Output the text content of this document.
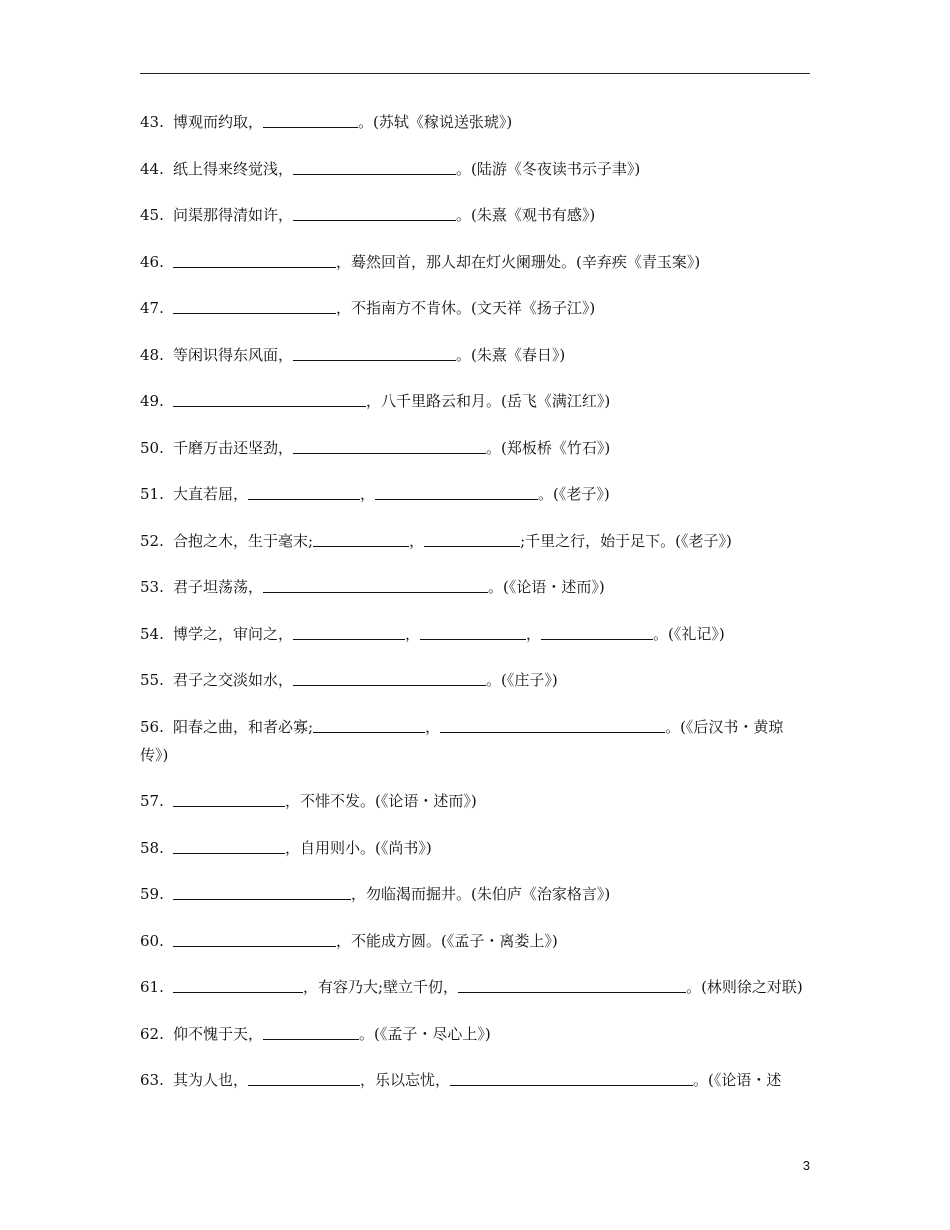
43. 博观而约取，	。(苏轼《稼说送张琥》)
44. 纸上得来终觉浅，	。(陆游《冬夜读书示子聿》)
45. 问渠那得清如许，	。(朱熹《观书有感》)
46.	，蓦然回首，那人却在灯火阑珊处。(辛弃疾《青玉案》)
47.	，不指南方不肯休。(文天祥《扬子江》)
48. 等闲识得东风面，	。(朱熹《春日》)
49.	，八千里路云和月。(岳飞《满江红》)
50. 千磨万击还坚劲，	。(郑板桥《竹石》)
51. 大直若屈，	，	。(《老子》)
52. 合抱之木，生于毫末;	，	;千里之行，始于足下。(《老子》)
53. 君子坦荡荡，	。(《论语・述而》)
54. 博学之，审问之，	，	，	。(《礼记》)
55. 君子之交淡如水，	。(《庄子》)
56. 阳春之曲，和者必寡;	，	。(《后汉书・黄琼传》)
57.	，不悱不发。(《论语・述而》)
58.	，自用则小。(《尚书》)
59.	，勿临渴而掘井。(朱伯庐《治家格言》)
60.	，不能成方圆。(《孟子・离娄上》)
61.	，有容乃大;壁立千仞，	。(林则徐之对联)
62. 仰不愧于天，	。(《孟子・尽心上》)
63. 其为人也，	，乐以忘忧，	。(《论语・述
3
